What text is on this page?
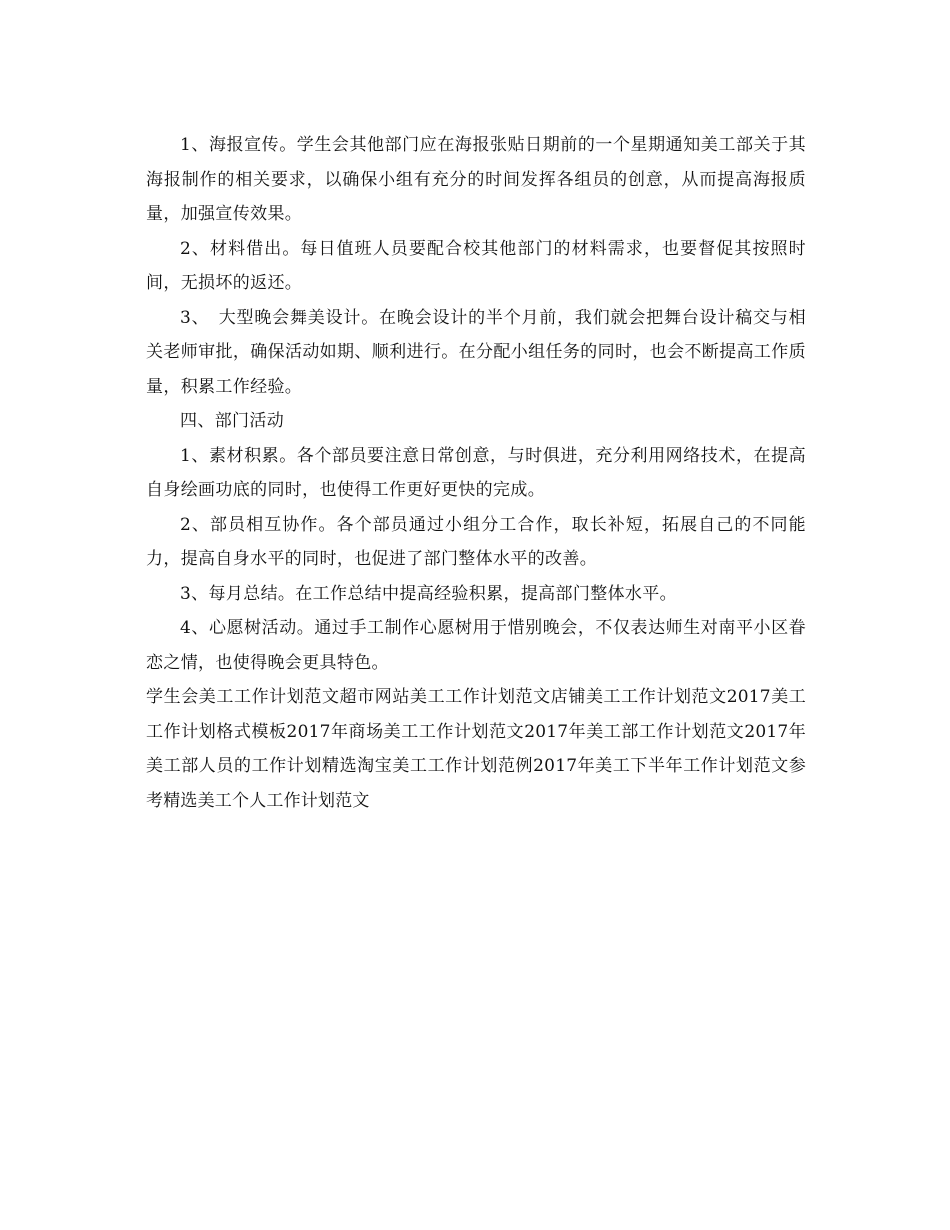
1、海报宣传。学生会其他部门应在海报张贴日期前的一个星期通知美工部关于其海报制作的相关要求，以确保小组有充分的时间发挥各组员的创意，从而提高海报质量，加强宣传效果。

2、材料借出。每日值班人员要配合校其他部门的材料需求，也要督促其按照时间，无损坏的返还。

3、　大型晚会舞美设计。在晚会设计的半个月前，我们就会把舞台设计稿交与相关老师审批，确保活动如期、顺利进行。在分配小组任务的同时，也会不断提高工作质量，积累工作经验。

四、部门活动

1、素材积累。各个部员要注意日常创意，与时俱进，充分利用网络技术，在提高自身绘画功底的同时，也使得工作更好更快的完成。

2、部员相互协作。各个部员通过小组分工合作，取长补短，拓展自己的不同能力，提高自身水平的同时，也促进了部门整体水平的改善。

3、每月总结。在工作总结中提高经验积累，提高部门整体水平。

4、心愿树活动。通过手工制作心愿树用于惜别晚会，不仅表达师生对南平小区眷恋之情，也使得晚会更具特色。

学生会美工工作计划范文超市网站美工工作计划范文店铺美工工作计划范文2017美工工作计划格式模板2017年商场美工工作计划范文2017年美工部工作计划范文2017年美工部人员的工作计划精选淘宝美工工作计划范例2017年美工下半年工作计划范文参考精选美工个人工作计划范文
